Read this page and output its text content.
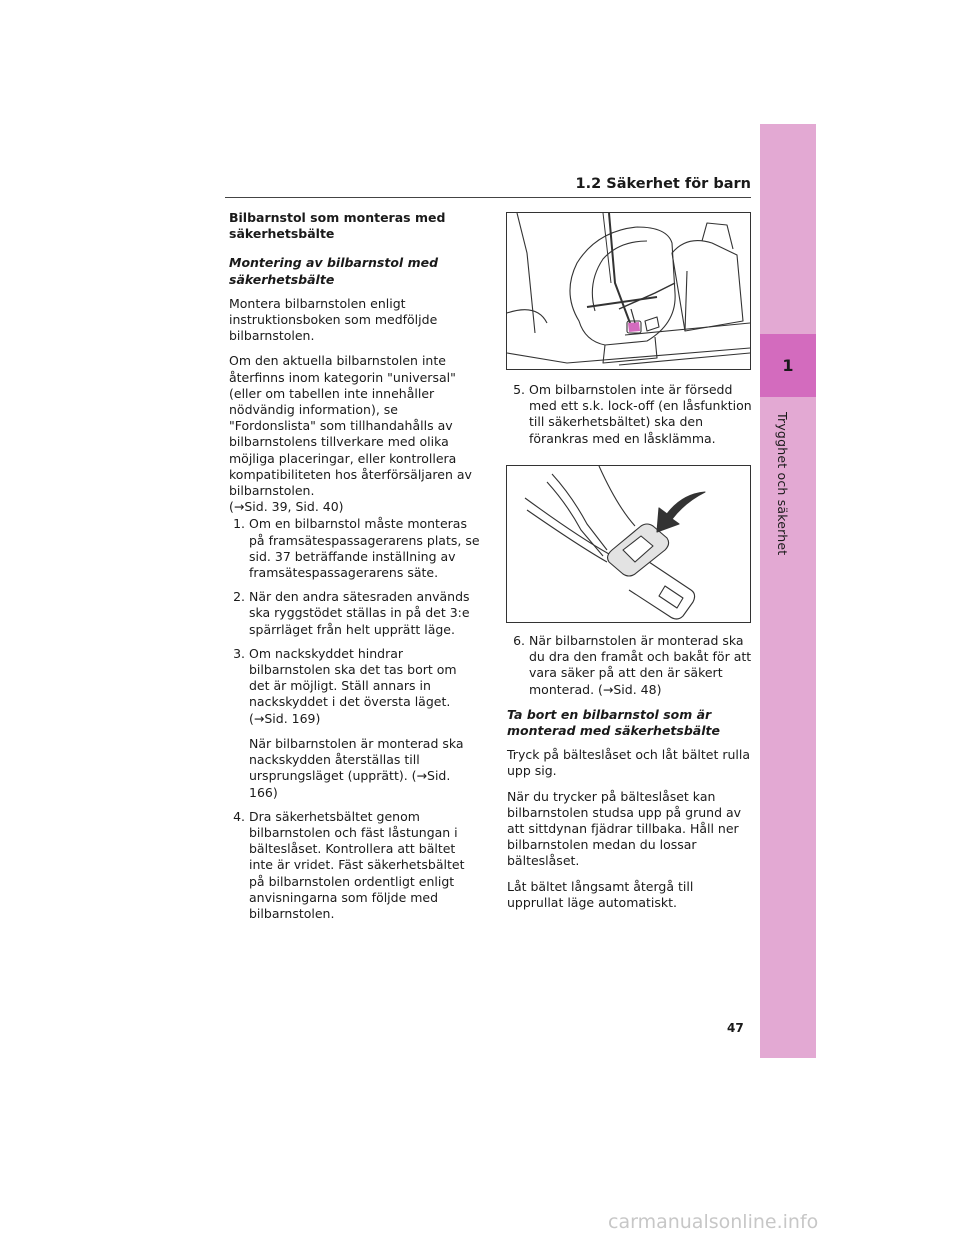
1.2 Säkerhet för barn
1
Trygghet och säkerhet
Bilbarnstol som monteras med säkerhetsbälte
Montering av bilbarnstol med säkerhetsbälte

Montera bilbarnstolen enligt instruktionsboken som medföljde bilbarnstolen.

Om den aktuella bilbarnstolen inte återfinns inom kategorin "universal" (eller om tabellen inte innehåller nödvändig information), se "Fordonslista" som tillhandahålls av bilbarnstolens tillverkare med olika möjliga placeringar, eller kontrollera kompatibiliteten hos återförsäljaren av bilbarnstolen.
(→Sid. 39, Sid. 40)

1. Om en bilbarnstol måste monteras på framsätespassagerarens plats, se sid. 37 beträffande inställning av framsätespassagerarens säte.
2. När den andra sätesraden används ska ryggstödet ställas in på det 3:e spärrläget från helt upprätt läge.
3. Om nackskyddet hindrar bilbarnstolen ska det tas bort om det är möjligt. Ställ annars in nackskyddet i det översta läget. (→Sid. 169)
När bilbarnstolen är monterad ska nackskydden återställas till ursprungsläget (upprätt). (→Sid. 166)
4. Dra säkerhetsbältet genom bilbarnstolen och fäst låstungan i bälteslåset. Kontrollera att bältet inte är vridet. Fäst säkerhetsbältet på bilbarnstolen ordentligt enligt anvisningarna som följde med bilbarnstolen.
5. Om bilbarnstolen inte är försedd med ett s.k. lock-off (en låsfunktion till säkerhetsbältet) ska den förankras med en låsklämma.
6. När bilbarnstolen är monterad ska du dra den framåt och bakåt för att vara säker på att den är säkert monterad. (→Sid. 48)
Ta bort en bilbarnstol som är monterad med säkerhetsbälte

Tryck på bälteslåset och låt bältet rulla upp sig.

När du trycker på bälteslåset kan bilbarnstolen studsa upp på grund av att sittdynan fjädrar tillbaka. Håll ner bilbarnstolen medan du lossar bälteslåset.

Låt bältet långsamt återgå till upprullat läge automatiskt.

47
carmanualsonline.info
